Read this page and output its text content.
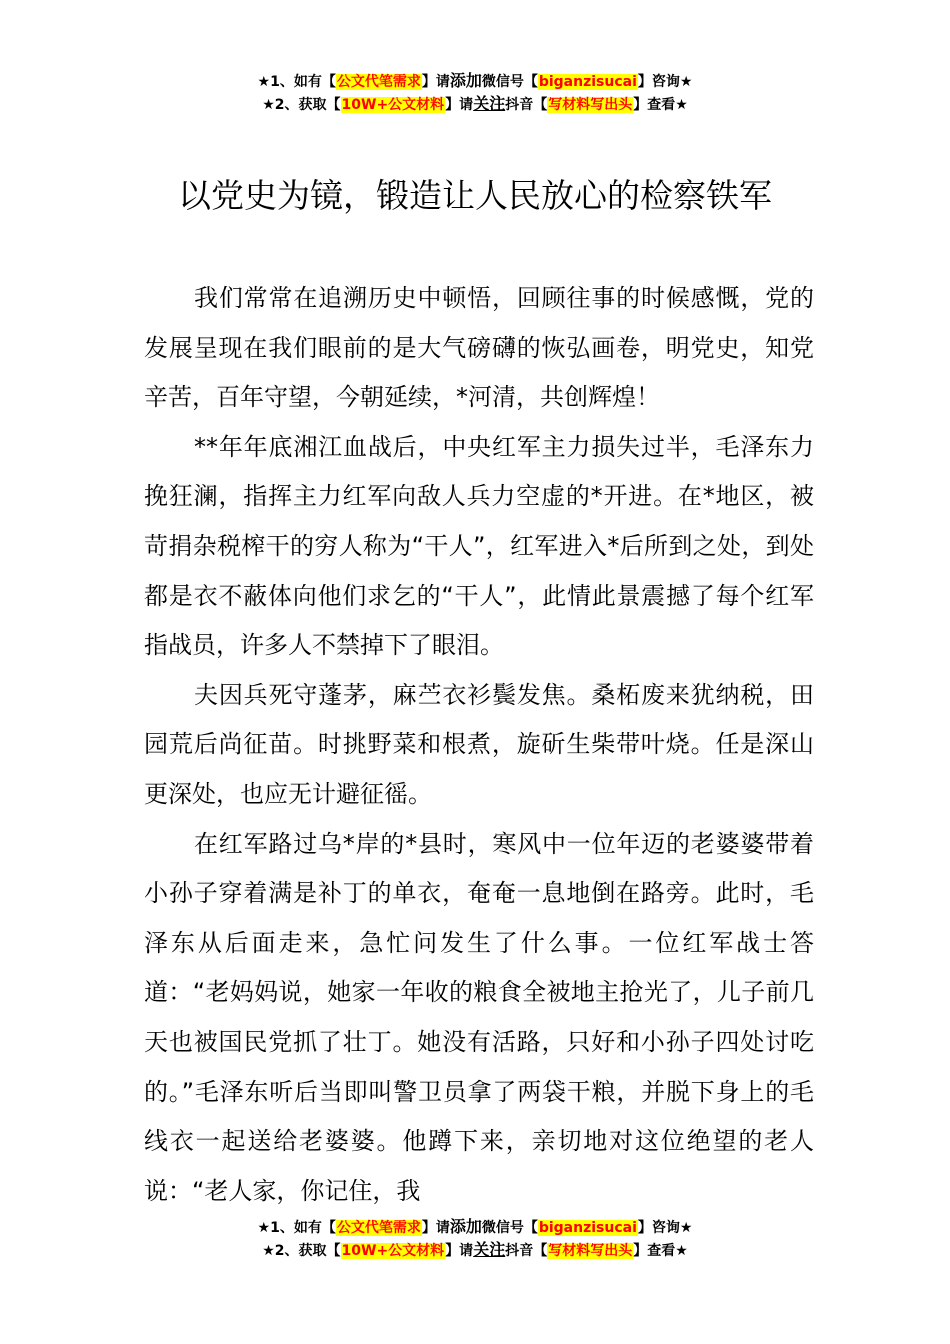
★1、如有【公文代笔需求】请添加微信号【biganzisucai】咨询★
★2、获取【10W+公文材料】请关注抖音【写材料写出头】查看★
以党史为镜，锻造让人民放心的检察铁军

我们常常在追溯历史中顿悟，回顾往事的时候感慨，党的发展呈现在我们眼前的是大气磅礴的恢弘画卷，明党史，知党辛苦，百年守望，今朝延续，*河清，共创辉煌！

**年年底湘江血战后，中央红军主力损失过半，毛泽东力挽狂澜，指挥主力红军向敌人兵力空虚的*开进。在*地区，被苛捐杂税榨干的穷人称为“干人”，红军进入*后所到之处，到处都是衣不蔽体向他们求乞的“干人”，此情此景震撼了每个红军指战员，许多人不禁掉下了眼泪。

夫因兵死守蓬茅，麻苎衣衫鬓发焦。桑柘废来犹纳税，田园荒后尚征苗。时挑野菜和根煮，旋斫生柴带叶烧。任是深山更深处，也应无计避征徭。

在红军路过乌*岸的*县时，寒风中一位年迈的老婆婆带着小孙子穿着满是补丁的单衣，奄奄一息地倒在路旁。此时，毛泽东从后面走来，急忙问发生了什么事。一位红军战士答道：“老妈妈说，她家一年收的粮食全被地主抢光了，儿子前几天也被国民党抓了壮丁。她没有活路，只好和小孙子四处讨吃的。”毛泽东听后当即叫警卫员拿了两袋干粮，并脱下身上的毛线衣一起送给老婆婆。他蹲下来，亲切地对这位绝望的老人说：“老人家，你记住，我

★1、如有【公文代笔需求】请添加微信号【biganzisucai】咨询★
★2、获取【10W+公文材料】请关注抖音【写材料写出头】查看★
